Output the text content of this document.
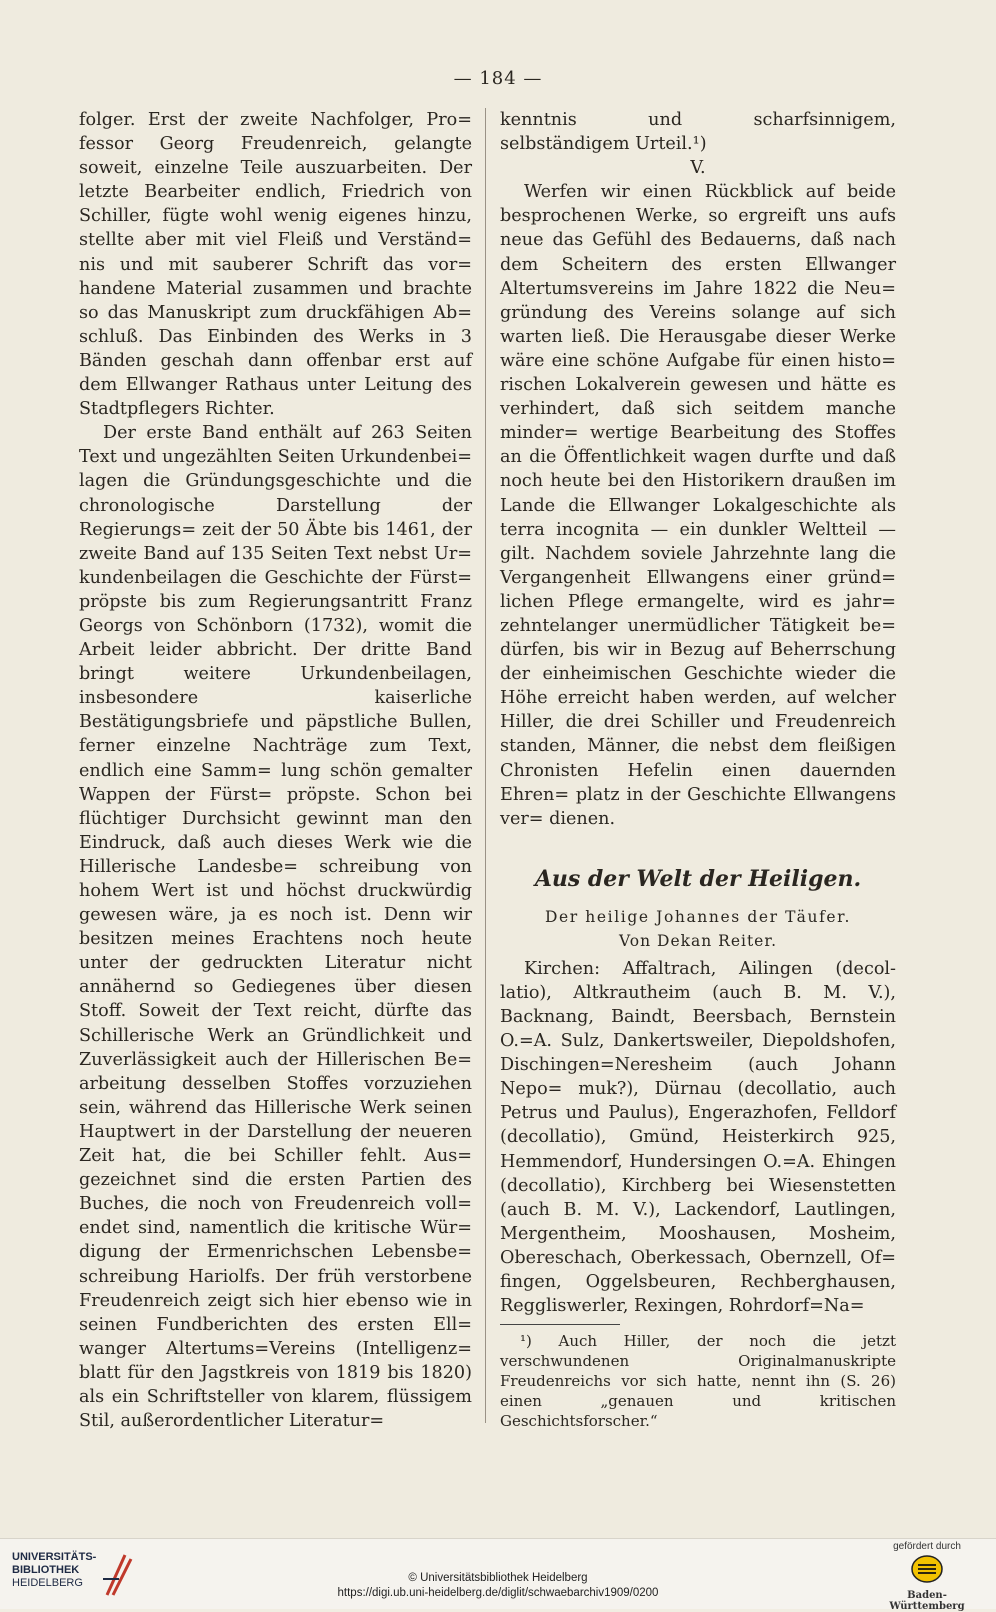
— 184 —

folger. Erst der zweite Nachfolger, Pro= fessor Georg Freudenreich, gelangte soweit, einzelne Teile auszuarbeiten. Der letzte Bearbeiter endlich, Friedrich von Schiller, fügte wohl wenig eigenes hinzu, stellte aber mit viel Fleiß und Verständ= nis und mit sauberer Schrift das vor= handene Material zusammen und brachte so das Manuskript zum druckfähigen Ab= schluß. Das Einbinden des Werks in 3 Bänden geschah dann offenbar erst auf dem Ellwanger Rathaus unter Leitung des Stadtpflegers Richter.

Der erste Band enthält auf 263 Seiten Text und ungezählten Seiten Urkundenbei= lagen die Gründungsgeschichte und die chronologische Darstellung der Regierungs= zeit der 50 Äbte bis 1461, der zweite Band auf 135 Seiten Text nebst Ur= kundenbeilagen die Geschichte der Fürst= pröpste bis zum Regierungsantritt Franz Georgs von Schönborn (1732), womit die Arbeit leider abbricht. Der dritte Band bringt weitere Urkundenbeilagen, insbesondere kaiserliche Bestätigungsbriefe und päpstliche Bullen, ferner einzelne Nachträge zum Text, endlich eine Samm= lung schön gemalter Wappen der Fürst= pröpste. Schon bei flüchtiger Durchsicht gewinnt man den Eindruck, daß auch dieses Werk wie die Hillerische Landesbe= schreibung von hohem Wert ist und höchst druckwürdig gewesen wäre, ja es noch ist. Denn wir besitzen meines Erachtens noch heute unter der gedruckten Literatur nicht annähernd so Gediegenes über diesen Stoff. Soweit der Text reicht, dürfte das Schillerische Werk an Gründlichkeit und Zuverlässigkeit auch der Hillerischen Be= arbeitung desselben Stoffes vorzuziehen sein, während das Hillerische Werk seinen Hauptwert in der Darstellung der neueren Zeit hat, die bei Schiller fehlt. Aus= gezeichnet sind die ersten Partien des Buches, die noch von Freudenreich voll= endet sind, namentlich die kritische Wür= digung der Ermenrichschen Lebensbe= schreibung Hariolfs. Der früh verstorbene Freudenreich zeigt sich hier ebenso wie in seinen Fundberichten des ersten Ell= wanger Altertums=Vereins (Intelligenz= blatt für den Jagstkreis von 1819 bis 1820) als ein Schriftsteller von klarem, flüssigem Stil, außerordentlicher Literatur=

kenntnis und scharfsinnigem, selbständigem Urteil.¹)

V.

Werfen wir einen Rückblick auf beide besprochenen Werke, so ergreift uns aufs neue das Gefühl des Bedauerns, daß nach dem Scheitern des ersten Ellwanger Altertumsvereins im Jahre 1822 die Neu= gründung des Vereins solange auf sich warten ließ. Die Herausgabe dieser Werke wäre eine schöne Aufgabe für einen histo= rischen Lokalverein gewesen und hätte es verhindert, daß sich seitdem manche minder= wertige Bearbeitung des Stoffes an die Öffentlichkeit wagen durfte und daß noch heute bei den Historikern draußen im Lande die Ellwanger Lokalgeschichte als terra incognita — ein dunkler Weltteil — gilt. Nachdem soviele Jahrzehnte lang die Vergangenheit Ellwangens einer gründ= lichen Pflege ermangelte, wird es jahr= zehntelanger unermüdlicher Tätigkeit be= dürfen, bis wir in Bezug auf Beherrschung der einheimischen Geschichte wieder die Höhe erreicht haben werden, auf welcher Hiller, die drei Schiller und Freudenreich standen, Männer, die nebst dem fleißigen Chronisten Hefelin einen dauernden Ehren= platz in der Geschichte Ellwangens ver= dienen.

Aus der Welt der Heiligen.

Der heilige Johannes der Täufer.

Von Dekan Reiter.

Kirchen: Affaltrach, Ailingen (decol- latio), Altkrautheim (auch B. M. V.), Backnang, Baindt, Beersbach, Bernstein O.=A. Sulz, Dankertsweiler, Diepoldshofen, Dischingen=Neresheim (auch Johann Nepo= muk?), Dürnau (decollatio, auch Petrus und Paulus), Engerazhofen, Felldorf (decollatio), Gmünd, Heisterkirch 925, Hemmendorf, Hundersingen O.=A. Ehingen (decollatio), Kirchberg bei Wiesenstetten (auch B. M. V.), Lackendorf, Lautlingen, Mergentheim, Mooshausen, Mosheim, Obereschach, Oberkessach, Obernzell, Of= fingen, Oggelsbeuren, Rechberghausen, Reggliswerler, Rexingen, Rohrdorf=Na=

¹) Auch Hiller, der noch die jetzt verschwundenen Originalmanuskripte Freudenreichs vor sich hatte, nennt ihn (S. 26) einen „genauen und kritischen Geschichtsforscher.“

UNIVERSITÄTS-
BIBLIOTHEK
HEIDELBERG	© Universitätsbibliothek Heidelberg
https://digi.ub.uni-heidelberg.de/diglit/schwaebarchiv1909/0200
gefördert durch
Baden-Württemberg
